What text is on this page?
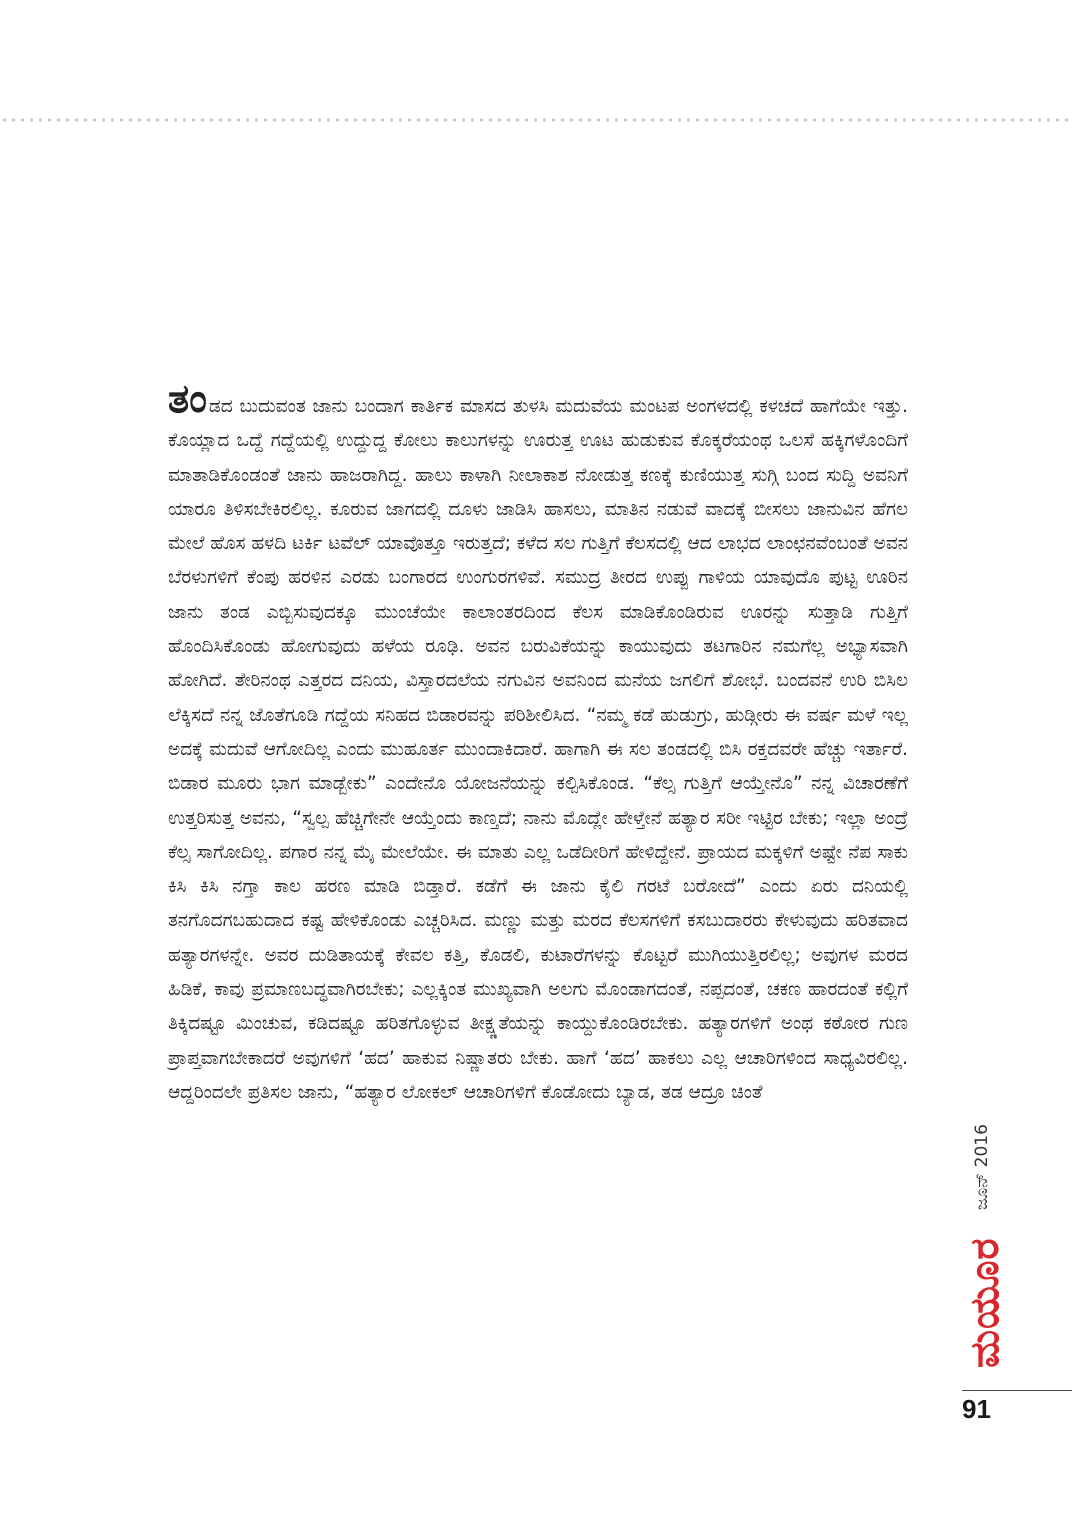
ತಂಡದ ಬುದುವಂತ ಜಾನು ಬಂದಾಗ ಕಾರ್ತಿಕ ಮಾಸದ ತುಳಸಿ ಮದುವೆಯ ಮಂಟಪ ಅಂಗಳದಲ್ಲಿ ಕಳಚದೆ ಹಾಗೆಯೇ ಇತ್ತು. ಕೊಯ್ಲಾದ ಒದ್ದೆ ಗದ್ದೆಯಲ್ಲಿ ಉದ್ದುದ್ದ ಕೋಲು ಕಾಲುಗಳನ್ನು ಊರುತ್ತ ಊಟ ಹುಡುಕುವ ಕೊಕ್ಕರೆಯಂಥ ಒಲಸೆ ಹಕ್ಕಿಗಳೊಂದಿಗೆ ಮಾತಾಡಿಕೊಂಡಂತೆ ಜಾನು ಹಾಜರಾಗಿದ್ದ. ಹಾಲು ಕಾಳಾಗಿ ನೀಲಾಕಾಶ ನೋಡುತ್ತ ಕಣಕ್ಕೆ ಕುಣಿಯುತ್ತ ಸುಗ್ಗಿ ಬಂದ ಸುದ್ದಿ ಅವನಿಗೆ ಯಾರೂ ತಿಳಿಸಬೇಕಿರಲಿಲ್ಲ. ಕೂರುವ ಜಾಗದಲ್ಲಿ ದೂಳು ಜಾಡಿಸಿ ಹಾಸಲು, ಮಾತಿನ ನಡುವೆ ವಾದಕ್ಕೆ ಬೀಸಲು ಜಾನುವಿನ ಹೆಗಲ ಮೇಲೆ ಹೊಸ ಹಳದಿ ಟರ್ಕಿ ಟವೆಲ್ ಯಾವೊತ್ತೂ ಇರುತ್ತದೆ; ಕಳೆದ ಸಲ ಗುತ್ತಿಗೆ ಕೆಲಸದಲ್ಲಿ ಆದ ಲಾಭದ ಲಾಂಛನವೆಂಬಂತೆ ಅವನ ಬೆರಳುಗಳಿಗೆ ಕೆಂಪು ಹರಳಿನ ಎರಡು ಬಂಗಾರದ ಉಂಗುರಗಳಿವೆ. ಸಮುದ್ರ ತೀರದ ಉಪ್ಪು ಗಾಳಿಯ ಯಾವುದೊ ಪುಟ್ಟ ಊರಿನ ಜಾನು ತಂಡ ಎಬ್ಬಿಸುವುದಕ್ಕೂ ಮುಂಚೆಯೇ ಕಾಲಾಂತರದಿಂದ ಕೆಲಸ ಮಾಡಿಕೊಂಡಿರುವ ಊರನ್ನು ಸುತ್ತಾಡಿ ಗುತ್ತಿಗೆ ಹೊಂದಿಸಿಕೊಂಡು ಹೋಗುವುದು ಹಳೆಯ ರೂಢಿ. ಅವನ ಬರುವಿಕೆಯನ್ನು ಕಾಯುವುದು ತಟಗಾರಿನ ನಮಗೆಲ್ಲ ಅಭ್ಯಾಸವಾಗಿ ಹೋಗಿದೆ. ತೇರಿನಂಥ ಎತ್ತರದ ದನಿಯ, ವಿಸ್ತಾರದಲೆಯ ನಗುವಿನ ಅವನಿಂದ ಮನೆಯ ಜಗಲಿಗೆ ಶೋಭೆ. ಬಂದವನೆ ಉರಿ ಬಿಸಿಲ ಲೆಕ್ಕಿಸದೆ ನನ್ನ ಜೊತೆಗೂಡಿ ಗದ್ದೆಯ ಸನಿಹದ ಬಿಡಾರವನ್ನು ಪರಿಶೀಲಿಸಿದ. “ನಮ್ಮ ಕಡೆ ಹುಡುಗ್ರು, ಹುಡ್ಗೀರು ಈ ವರ್ಷ ಮಳೆ ಇಲ್ಲ ಅದಕ್ಕೆ ಮದುವೆ ಆಗೋದಿಲ್ಲ ಎಂದು ಮುಹೂರ್ತ ಮುಂದಾಕಿದಾರೆ. ಹಾಗಾಗಿ ಈ ಸಲ ತಂಡದಲ್ಲಿ ಬಿಸಿ ರಕ್ತದವರೇ ಹೆಚ್ಚು ಇರ್ತಾರೆ. ಬಿಡಾರ ಮೂರು ಭಾಗ ಮಾಡ್ಬೇಕು” ಎಂದೇನೊ ಯೋಜನೆಯನ್ನು ಕಲ್ಪಿಸಿಕೊಂಡ. “ಕೆಲ್ಸ ಗುತ್ತಿಗೆ ಆಯ್ತೇನೊ” ನನ್ನ ವಿಚಾರಣೆಗೆ ಉತ್ತರಿಸುತ್ತ ಅವನು, “ಸ್ವಲ್ಪ ಹೆಚ್ಚಿಗೇನೇ ಆಯ್ತೆಂದು ಕಾಣ್ತದೆ; ನಾನು ಮೊದ್ಲೇ ಹೇಳ್ತೇನೆ ಹತ್ಯಾರ ಸರೀ ಇಟ್ಟಿರ ಬೇಕು; ಇಲ್ಲಾ ಅಂದ್ರೆ ಕೆಲ್ಸ ಸಾಗೋದಿಲ್ಲ. ಪಗಾರ ನನ್ನ ಮೈ ಮೇಲೆಯೇ. ಈ ಮಾತು ಎಲ್ಲ ಒಡೆದೀರಿಗೆ ಹೇಳಿದ್ದೇನೆ. ಪ್ರಾಯದ ಮಕ್ಕಳಿಗೆ ಅಷ್ಟೇ ನೆಪ ಸಾಕು ಕಿಸಿ ಕಿಸಿ ನಗ್ತಾ ಕಾಲ ಹರಣ ಮಾಡಿ ಬಿಡ್ತಾರೆ. ಕಡೆಗೆ ಈ ಜಾನು ಕೈಲಿ ಗರಟೆ ಬರೋದೆ” ಎಂದು ಏರು ದನಿಯಲ್ಲಿ ತನಗೊದಗಬಹುದಾದ ಕಷ್ಟ ಹೇಳಿಕೊಂಡು ಎಚ್ಚರಿಸಿದ. ಮಣ್ಣು ಮತ್ತು ಮರದ ಕೆಲಸಗಳಿಗೆ ಕಸಬುದಾರರು ಕೇಳುವುದು ಹರಿತವಾದ ಹತ್ಯಾರಗಳನ್ನೇ. ಅವರ ದುಡಿತಾಯಕ್ಕೆ ಕೇವಲ ಕತ್ತಿ, ಕೊಡಲಿ, ಕುಟಾರೆಗಳನ್ನು ಕೊಟ್ಟರೆ ಮುಗಿಯುತ್ತಿರಲಿಲ್ಲ; ಅವುಗಳ ಮರದ ಹಿಡಿಕೆ, ಕಾವು ಪ್ರಮಾಣಬದ್ಧವಾಗಿರಬೇಕು; ಎಲ್ಲಕ್ಕಿಂತ ಮುಖ್ಯವಾಗಿ ಅಲಗು ಮೊಂಡಾಗದಂತೆ, ನಪ್ಪದಂತೆ, ಚಕಣ ಹಾರದಂತೆ ಕಲ್ಲಿಗೆ ತಿಕ್ಕಿದಷ್ಟೂ ಮಿಂಚುವ, ಕಡಿದಷ್ಟೂ ಹರಿತಗೊಳ್ಳುವ ತೀಕ್ಷ್ಣತೆಯನ್ನು ಕಾಯ್ದುಕೊಂಡಿರಬೇಕು. ಹತ್ಯಾರಗಳಿಗೆ ಅಂಥ ಕಠೋರ ಗುಣ ಪ್ರಾಪ್ತವಾಗಬೇಕಾದರೆ ಅವುಗಳಿಗೆ ‘ಹದ’ ಹಾಕುವ ನಿಷ್ಣಾತರು ಬೇಕು. ಹಾಗೆ ‘ಹದ’ ಹಾಕಲು ಎಲ್ಲ ಆಚಾರಿಗಳಿಂದ ಸಾಧ್ಯವಿರಲಿಲ್ಲ. ಆದ್ದರಿಂದಲೇ ಪ್ರತಿಸಲ ಜಾನು, “ಹತ್ಯಾರ ಲೋಕಲ್ ಆಚಾರಿಗಳಿಗೆ ಕೊಡೋದು ಬ್ಯಾಡ, ತಡ ಆದ್ರೂ ಚಿಂತೆ

ಜೂನ್ 2016
ಮಯೂರ
91
